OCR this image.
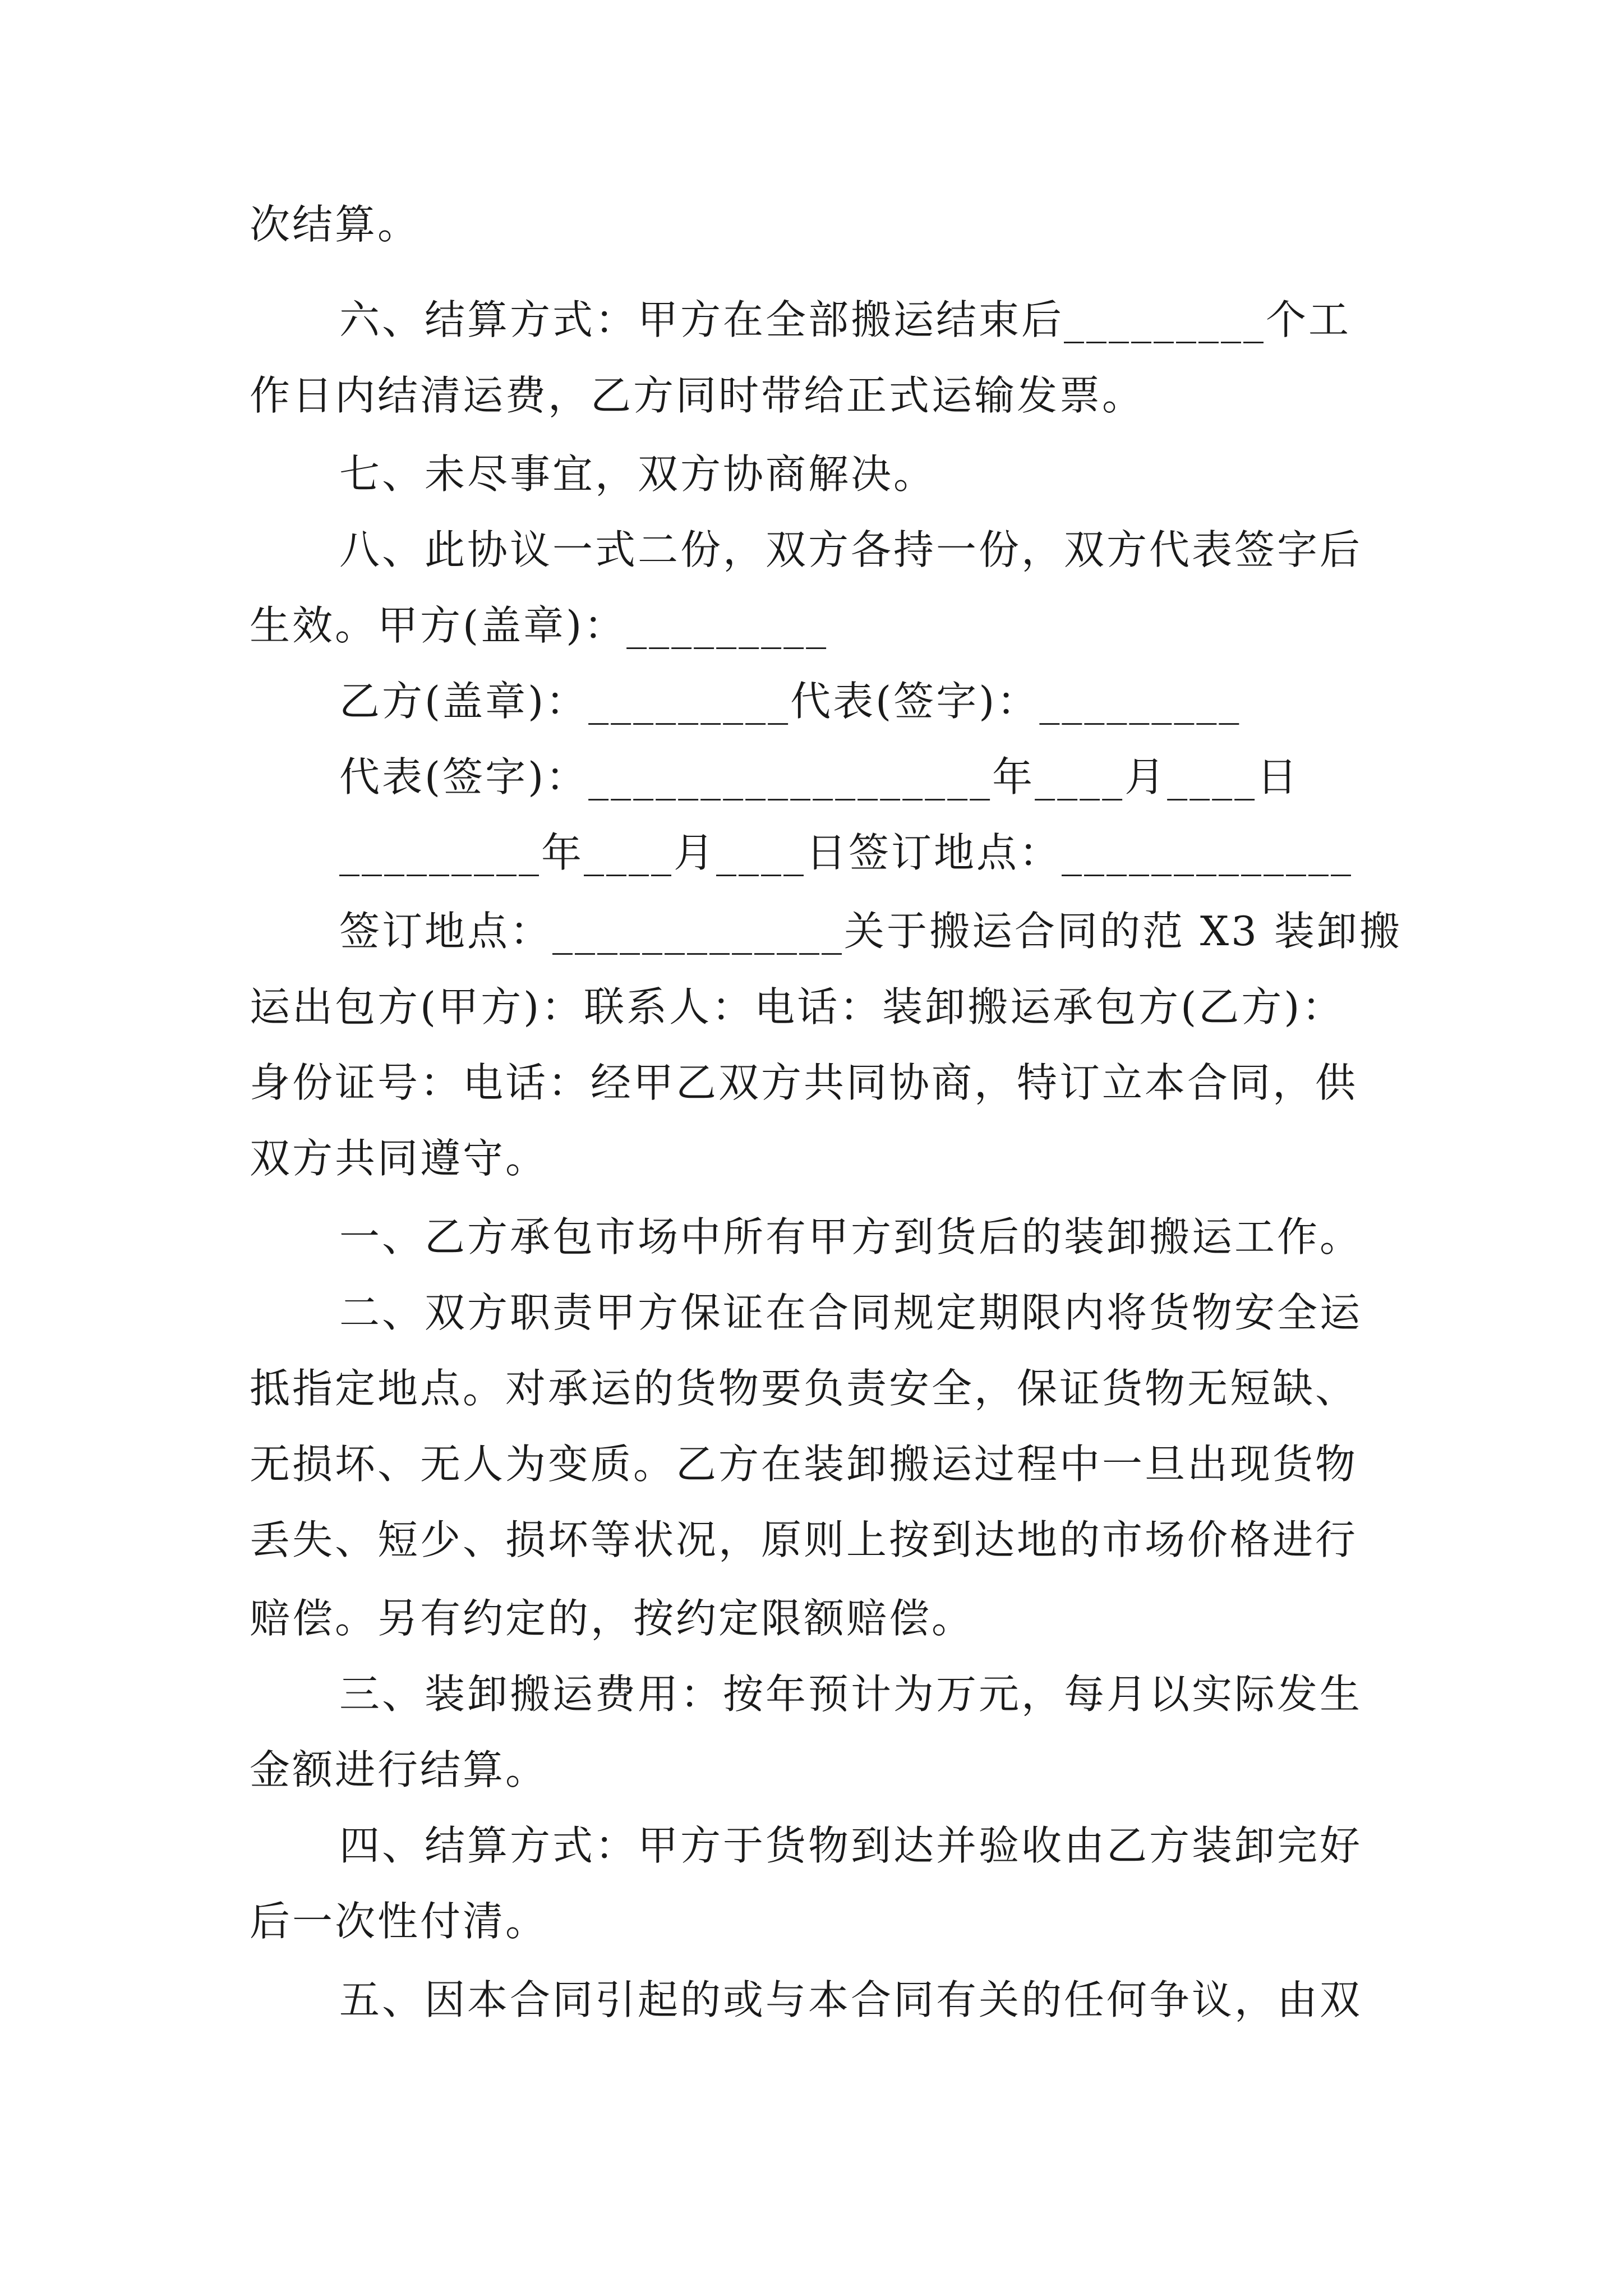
次结算。
六、结算方式：甲方在全部搬运结束后_________个工
作日内结清运费，乙方同时带给正式运输发票。
七、未尽事宜，双方协商解决。
八、此协议一式二份，双方各持一份，双方代表签字后
生效。甲方(盖章)：_________
乙方(盖章)：_________代表(签字)：_________
代表(签字)：__________________年____月____日
_________年____月____日签订地点：_____________
签订地点：_____________关于搬运合同的范 X3 装卸搬
运出包方(甲方)：联系人：电话：装卸搬运承包方(乙方)：
身份证号：电话：经甲乙双方共同协商，特订立本合同，供
双方共同遵守。
一、乙方承包市场中所有甲方到货后的装卸搬运工作。
二、双方职责甲方保证在合同规定期限内将货物安全运
抵指定地点。对承运的货物要负责安全，保证货物无短缺、
无损坏、无人为变质。乙方在装卸搬运过程中一旦出现货物
丢失、短少、损坏等状况，原则上按到达地的市场价格进行
赔偿。另有约定的，按约定限额赔偿。
三、装卸搬运费用：按年预计为万元，每月以实际发生
金额进行结算。
四、结算方式：甲方于货物到达并验收由乙方装卸完好
后一次性付清。
五、因本合同引起的或与本合同有关的任何争议，由双
